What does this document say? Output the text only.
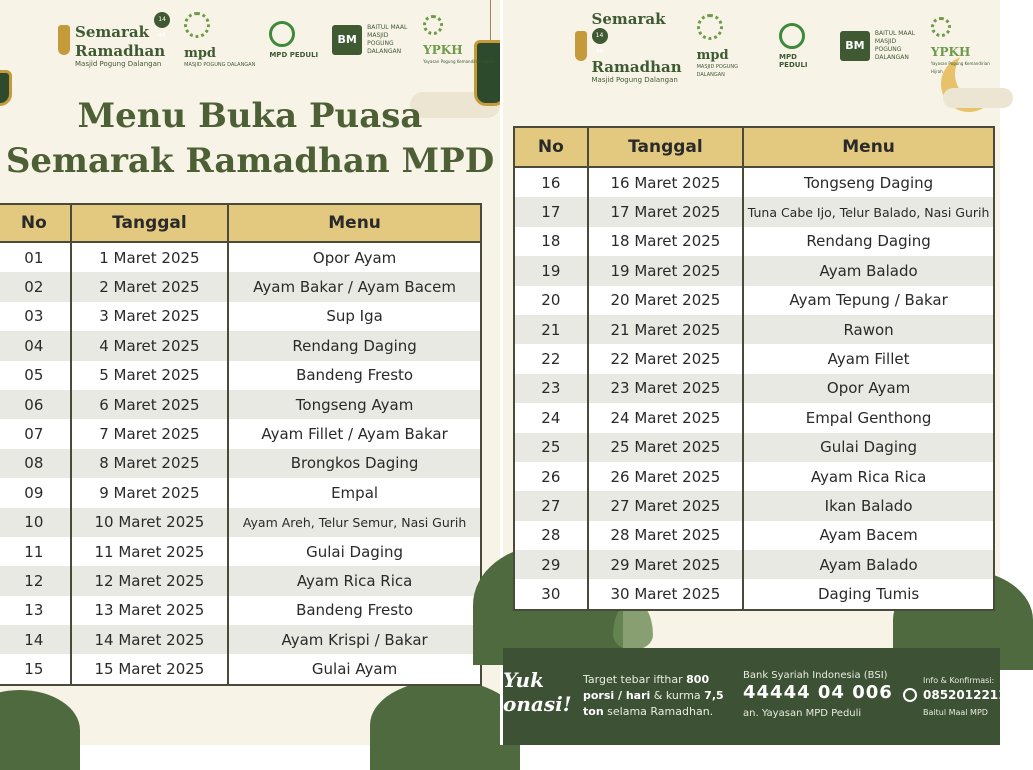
Semarak 14 46
Ramadhan
Masjid Pogung Dalangan

mpd
MASJID POGUNG DALANGAN

MPD PEDULI
BM
BAITUL MAAL MASJID POGUNG DALANGAN	YPKH
Yayasan Pogung Kemandirian Hijrah
Menu Buka Puasa
Semarak Ramadhan MPD
No	Tanggal	Menu
01	1 Maret 2025	Opor Ayam
02	2 Maret 2025	Ayam Bakar / Ayam Bacem
03	3 Maret 2025	Sup Iga
04	4 Maret 2025	Rendang Daging
05	5 Maret 2025	Bandeng Fresto
06	6 Maret 2025	Tongseng Ayam
07	7 Maret 2025	Ayam Fillet / Ayam Bakar
08	8 Maret 2025	Brongkos Daging
09	9 Maret 2025	Empal
10	10 Maret 2025	Ayam Areh, Telur Semur, Nasi Gurih
11	11 Maret 2025	Gulai Daging
12	12 Maret 2025	Ayam Rica Rica
13	13 Maret 2025	Bandeng Fresto
14	14 Maret 2025	Ayam Krispi / Bakar
15	15 Maret 2025	Gulai Ayam
Semarak 14 46
Ramadhan
Masjid Pogung Dalangan

mpd
MASJID POGUNG DALANGAN

MPD PEDULI
BM
BAITUL MAAL MASJID POGUNG DALANGAN	YPKH
Yayasan Pogung Kemandirian Hijrah
No	Tanggal	Menu
16	16 Maret 2025	Tongseng Daging
17	17 Maret 2025	Tuna Cabe Ijo, Telur Balado, Nasi Gurih
18	18 Maret 2025	Rendang Daging
19	19 Maret 2025	Ayam Balado
20	20 Maret 2025	Ayam Tepung / Bakar
21	21 Maret 2025	Rawon
22	22 Maret 2025	Ayam Fillet
23	23 Maret 2025	Opor Ayam
24	24 Maret 2025	Empal Genthong
25	25 Maret 2025	Gulai Daging
26	26 Maret 2025	Ayam Rica Rica
27	27 Maret 2025	Ikan Balado
28	28 Maret 2025	Ayam Bacem
29	29 Maret 2025	Ayam Balado
30	30 Maret 2025	Daging Tumis
Yuk
onasi!
Target tebar ifthar 800 porsi / hari & kurma 7,5 ton selama Ramadhan.
Bank Syariah Indonesia (BSI)
44444 04 006
an. Yayasan MPD Peduli
Info & Konfirmasi:
08520122111
Baitul Maal MPD
